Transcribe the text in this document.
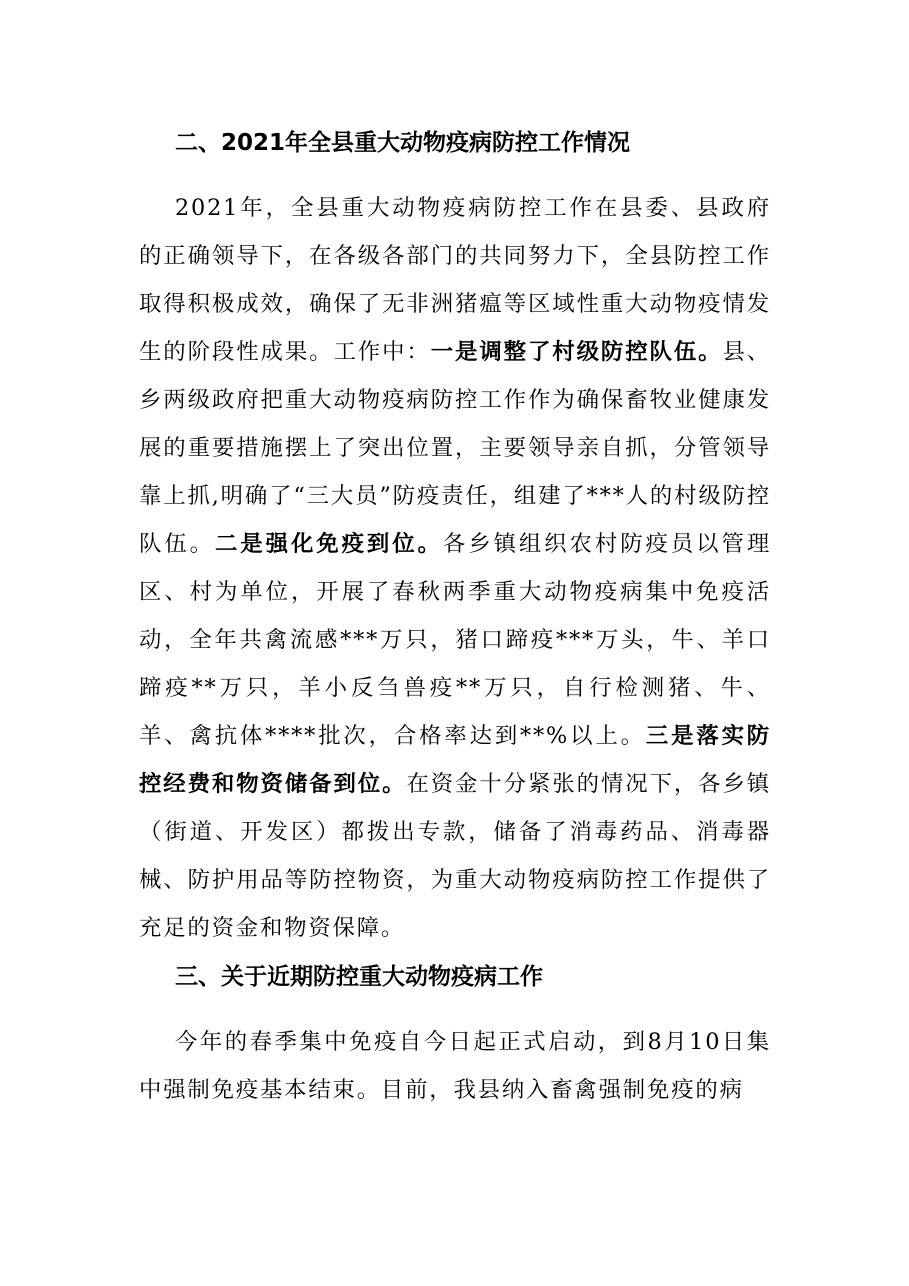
二、2021年全县重大动物疫病防控工作情况
2021年，全县重大动物疫病防控工作在县委、县政府的正确领导下，在各级各部门的共同努力下，全县防控工作取得积极成效，确保了无非洲猪瘟等区域性重大动物疫情发生的阶段性成果。工作中：一是调整了村级防控队伍。县、乡两级政府把重大动物疫病防控工作作为确保畜牧业健康发展的重要措施摆上了突出位置，主要领导亲自抓，分管领导靠上抓,明确了“三大员”防疫责任，组建了***人的村级防控队伍。二是强化免疫到位。各乡镇组织农村防疫员以管理区、村为单位，开展了春秋两季重大动物疫病集中免疫活动，全年共禽流感***万只，猪口蹄疫***万头，牛、羊口蹄疫**万只，羊小反刍兽疫**万只，自行检测猪、牛、羊、禽抗体****批次，合格率达到**%以上。三是落实防控经费和物资储备到位。在资金十分紧张的情况下，各乡镇（街道、开发区）都拨出专款，储备了消毒药品、消毒器械、防护用品等防控物资，为重大动物疫病防控工作提供了充足的资金和物资保障。
三、关于近期防控重大动物疫病工作
今年的春季集中免疫自今日起正式启动，到8月10日集中强制免疫基本结束。目前，我县纳入畜禽强制免疫的病
